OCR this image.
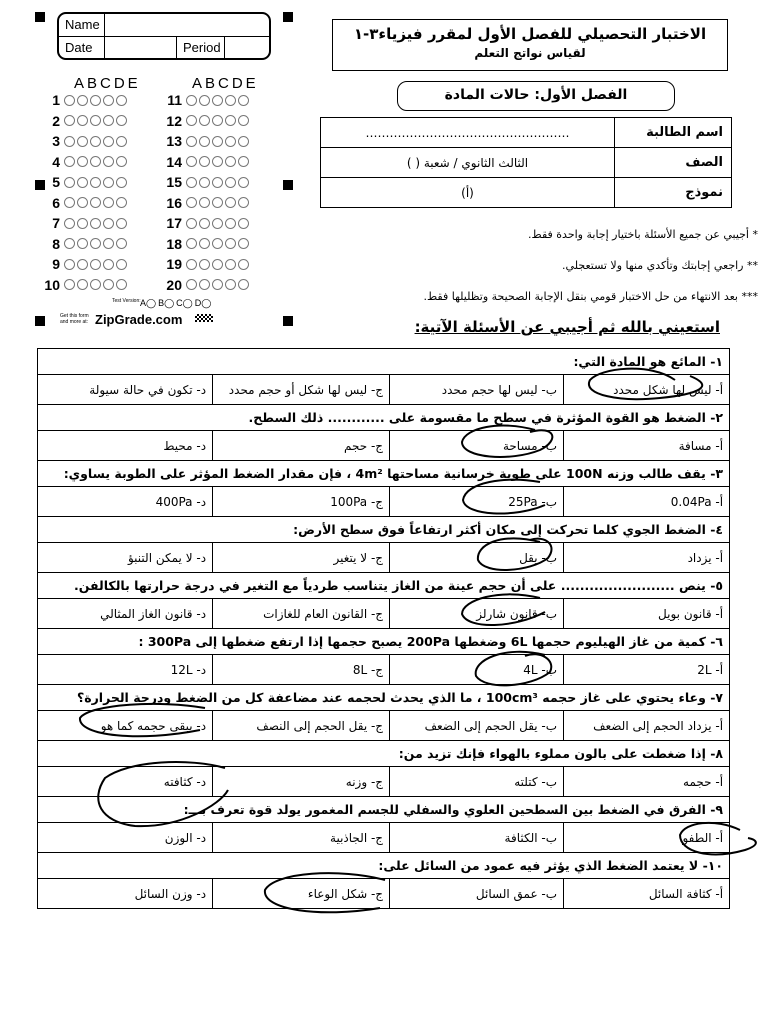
Name
Date	Period
ABCDE	ABCDE
1
2
3
4
5
6
7
8
9
10
11
12
13
14
15
16
17
18
19
20
Test Version: A◯ B◯ C◯ D◯
Get this form and more at: ZipGrade.com
الاختبار التحصيلي للفصل الأول لمقرر فيزياء٣-١
لقياس نواتج التعلم
الفصل الأول: حالات المادة
اسم الطالبة	……………………………………………
الصف	الثالث الثانوي / شعبة ( )
نموذج	(أ)
* أجيبي عن جميع الأسئلة باختيار إجابة واحدة فقط.
** راجعي إجابتك وتأكدي منها ولا تستعجلي.
*** بعد الانتهاء من حل الاختبار قومي بنقل الإجابة الصحيحة وتظليلها فقط.
استعيني بالله ثم أجيبي عن الأسئلة الآتية:
١- المائع هو المادة التي:			
أ- ليس لها شكل محدد	ب- ليس لها حجم محدد	ج- ليس لها شكل أو حجم محدد	د- تكون في حالة سيولة
٢- الضغط هو القوة المؤثرة في سطح ما مقسومة على ............ ذلك السطح.			
أ- مسافة	ب- مساحة	ج- حجم	د- محيط
٣- يقف طالب وزنه 100N على طوبة خرسانية مساحتها 4m² ، فإن مقدار الضغط المؤثر على الطوبة يساوي:			
أ- 0.04Pa	ب- 25Pa	ج- 100Pa	د- 400Pa
٤- الضغط الجوي كلما تحركت إلى مكان أكثر ارتفاعاً فوق سطح الأرض:			
أ- يزداد	ب- يقل	ج- لا يتغير	د- لا يمكن التنبؤ
٥- ينص ........................ على أن حجم عينة من الغاز يتناسب طردياً مع التغير في درجة حرارتها بالكالفن.			
أ- قانون بويل	ب- قانون شارلز	ج- القانون العام للغازات	د- قانون الغاز المثالي
٦- كمية من غاز الهيليوم حجمها 6L وضغطها 200Pa يصبح حجمها إذا ارتفع ضغطها إلى 300Pa :			
أ- 2L	ب- 4L	ج- 8L	د- 12L
٧- وعاء يحتوي على غاز حجمه 100cm³ ، ما الذي يحدث لحجمه عند مضاعفة كل من الضغط ودرجة الحرارة؟			
أ- يزداد الحجم إلى الضعف	ب- يقل الحجم إلى الضعف	ج- يقل الحجم إلى النصف	د- يبقى حجمه كما هو
٨- إذا ضغطت على بالون مملوء بالهواء فإنك تزيد من:			
أ- حجمه	ب- كتلته	ج- وزنه	د- كثافته
٩- الفرق في الضغط بين السطحين العلوي والسفلي للجسم المغمور يولد قوة تعرف بـــ:			
أ- الطفو	ب- الكثافة	ج- الجاذبية	د- الوزن
١٠- لا يعتمد الضغط الذي يؤثر فيه عمود من السائل على:			
أ- كثافة السائل	ب- عمق السائل	ج- شكل الوعاء	د- وزن السائل
